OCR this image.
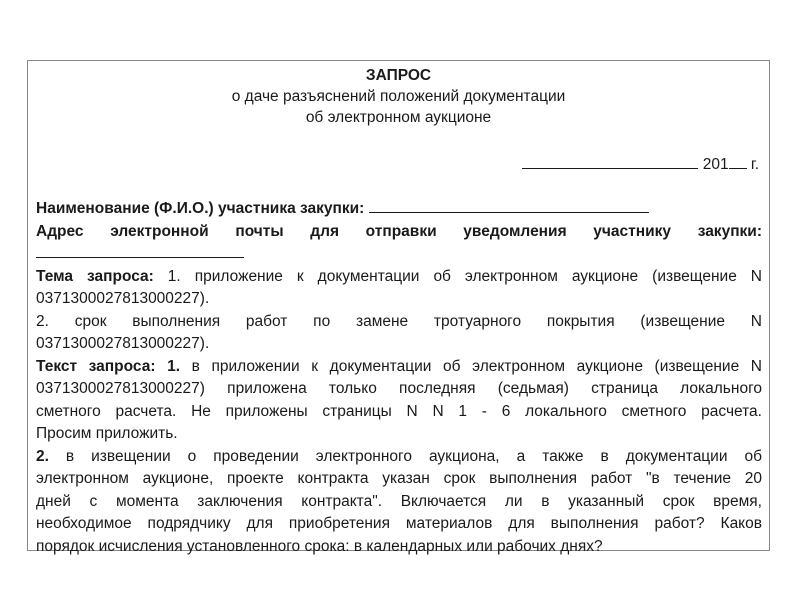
ЗАПРОС
о даче разъяснений положений документации
об электронном аукционе
201 г.

Наименование (Ф.И.О.) участника закупки:

Адрес электронной почты для отправки уведомления участнику закупки:

Тема запроса: 1. приложение к документации об электронном аукционе (извещение N

0371300027813000227).

2. срок выполнения работ по замене тротуарного покрытия (извещение N

0371300027813000227).

Текст запроса: 1. в приложении к документации об электронном аукционе (извещение N

0371300027813000227) приложена только последняя (седьмая) страница локального

сметного расчета. Не приложены страницы N N 1 - 6 локального сметного расчета.

Просим приложить.

2. в извещении о проведении электронного аукциона, а также в документации об

электронном аукционе, проекте контракта указан срок выполнения работ "в течение 20

дней с момента заключения контракта". Включается ли в указанный срок время,

необходимое подрядчику для приобретения материалов для выполнения работ? Каков

порядок исчисления установленного срока: в календарных или рабочих днях?
